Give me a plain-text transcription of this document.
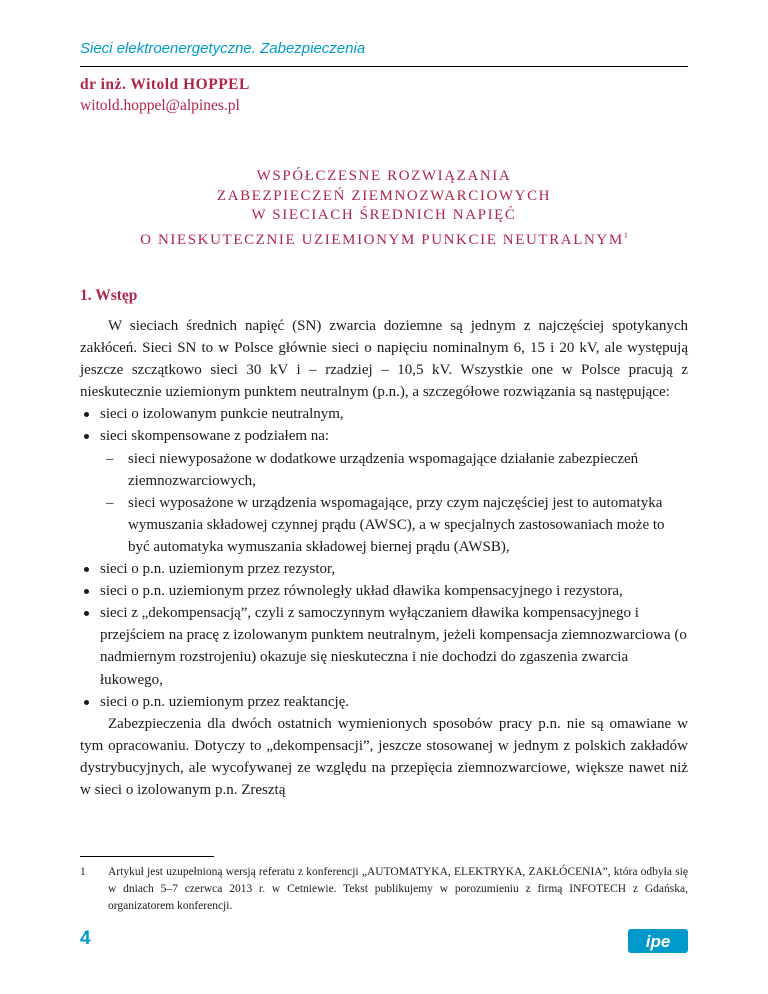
Sieci elektroenergetyczne. Zabezpieczenia
dr inż. Witold HOPPEL
witold.hoppel@alpines.pl
WSPÓŁCZESNE ROZWIĄZANIA
ZABEZPIECZEŃ ZIEMNOZWARCIOWYCH
W SIECIACH ŚREDNICH NAPIĘĆ
O NIESKUTECZNIE UZIEMIONYM PUNKCIE NEUTRALNYM$^1$
1. Wstęp

W sieciach średnich napięć (SN) zwarcia doziemne są jednym z najczęściej spotykanych zakłóceń. Sieci SN to w Polsce głównie sieci o napięciu nominalnym 6, 15 i 20 kV, ale występują jeszcze szczątkowo sieci 30 kV i – rzadziej – 10,5 kV. Wszystkie one w Polsce pracują z nieskutecznie uziemionym punktem neutralnym (p.n.), a szczegółowe rozwiązania są następujące:

sieci o izolowanym punkcie neutralnym,
sieci skompensowane z podziałem na:
– sieci niewyposażone w dodatkowe urządzenia wspomagające działanie zabezpieczeń ziemnozwarciowych,
– sieci wyposażone w urządzenia wspomagające, przy czym najczęściej jest to automatyka wymuszania składowej czynnej prądu (AWSC), a w specjalnych zastosowaniach może to być automatyka wymuszania składowej biernej prądu (AWSB),
sieci o p.n. uziemionym przez rezystor,
sieci o p.n. uziemionym przez równoległy układ dławika kompensacyjnego i rezystora,
sieci z „dekompensacją”, czyli z samoczynnym wyłączaniem dławika kompensacyjnego i przejściem na pracę z izolowanym punktem neutralnym, jeżeli kompensacja ziemnozwarciowa (o nadmiernym rozstrojeniu) okazuje się nieskuteczna i nie dochodzi do zgaszenia zwarcia łukowego,
sieci o p.n. uziemionym przez reaktancję.

Zabezpieczenia dla dwóch ostatnich wymienionych sposobów pracy p.n. nie są omawiane w tym opracowaniu. Dotyczy to „dekompensacji”, jeszcze stosowanej w jednym z polskich zakładów dystrybucyjnych, ale wycofywanej ze względu na przepięcia ziemnozwarciowe, większe nawet niż w sieci o izolowanym p.n. Zresztą

1 Artykuł jest uzupełnioną wersją referatu z konferencji „AUTOMATYKA, ELEKTRYKA, ZAKŁÓCENIA”, która odbyła się w dniach 5–7 czerwca 2013 r. w Cetniewie. Tekst publikujemy w porozumieniu z firmą INFOTECH z Gdańska, organizatorem konferencji.
4	ipe
